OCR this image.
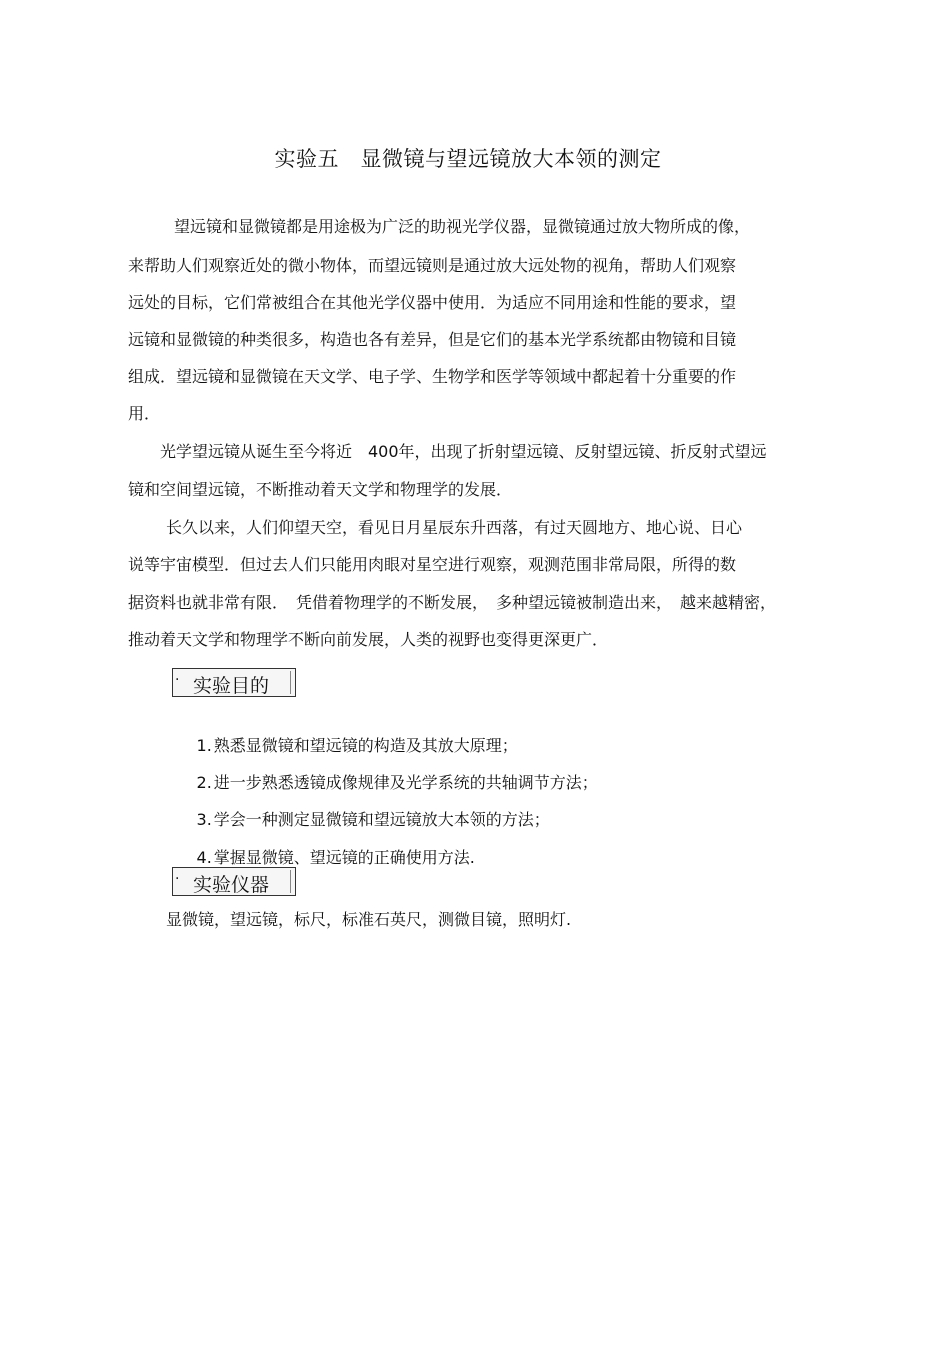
实验五　显微镜与望远镜放大本领的测定
望远镜和显微镜都是用途极为广泛的助视光学仪器，显微镜通过放大物所成的像，
来帮助人们观察近处的微小物体，而望远镜则是通过放大远处物的视角，帮助人们观察
远处的目标，它们常被组合在其他光学仪器中使用．为适应不同用途和性能的要求，望
远镜和显微镜的种类很多，构造也各有差异，但是它们的基本光学系统都由物镜和目镜
组成．望远镜和显微镜在天文学、电子学、生物学和医学等领域中都起着十分重要的作
用．
光学望远镜从诞生至今将近　400年，出现了折射望远镜、反射望远镜、折反射式望远
镜和空间望远镜，不断推动着天文学和物理学的发展．
长久以来，人们仰望天空，看见日月星辰东升西落，有过天圆地方、地心说、日心
说等宇宙模型．但过去人们只能用肉眼对星空进行观察，观测范围非常局限，所得的数
据资料也就非常有限．　凭借着物理学的不断发展，　多种望远镜被制造出来，　越来越精密，
推动着天文学和物理学不断向前发展，人类的视野也变得更深更广．
· 实验目的

1. 熟悉显微镜和望远镜的构造及其放大原理；

2. 进一步熟悉透镜成像规律及光学系统的共轴调节方法；

3. 学会一种测定显微镜和望远镜放大本领的方法；

4. 掌握显微镜、望远镜的正确使用方法.

· 实验仪器
显微镜，望远镜，标尺，标准石英尺，测微目镜，照明灯.
